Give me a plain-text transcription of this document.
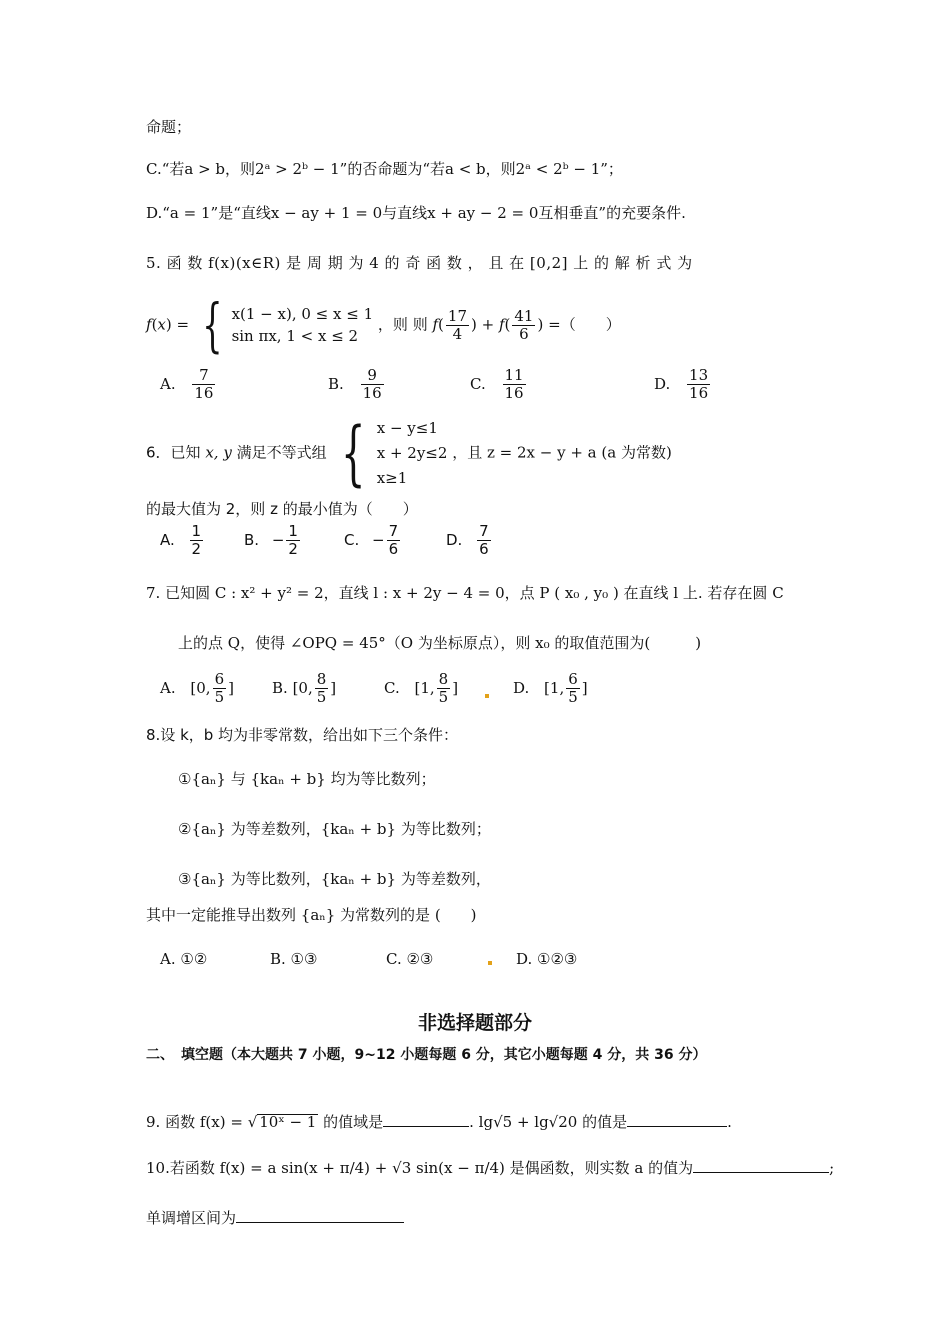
命题；
C.“若a > b，则2ᵃ > 2ᵇ − 1”的否命题为“若a < b，则2ᵃ < 2ᵇ − 1”；
D.“a = 1”是“直线x − ay + 1 = 0与直线x + ay − 2 = 0互相垂直”的充要条件.
5. 函 数 f(x)(x∈R) 是 周 期 为 4 的 奇 函 数 ， 且 在 [0,2] 上 的 解 析 式 为
f(x) = { x(1 − x), 0 ≤ x ≤ 1
sin πx, 1 < x ≤ 2
，则 则 $f( \frac{17}{4}$ ) + $f( \frac{41}{6}$ ) =（　　）
A. $\frac{7}{16}$	B. $\frac{9}{16}$	C. $\frac{11}{16}$	D. $\frac{13}{16}$
6．已知 x, y 满足不等式组 { x − y≤1
x + 2y≤2
x≥1
，且 z = 2x − y + a (a 为常数)
的最大值为 2，则 z 的最小值为（　　）
A. $\frac{1}{2}$	B. − $\frac{1}{2}$	C. − $\frac{7}{6}$	D. $\frac{7}{6}$
7. 已知圆 C : x² + y² = 2，直线 l : x + 2y − 4 = 0，点 P ( x₀ , y₀ ) 在直线 l 上. 若存在圆 C
上的点 Q，使得 ∠OPQ = 45°（O 为坐标原点），则 x₀ 的取值范围为(　　　)
A. [0, $\frac{6}{5}$ ]	B. [0, $\frac{8}{5}$ ]	C. [1, $\frac{8}{5}$ ]	D. [1, $\frac{6}{5}$ ]
8.设 k，b 均为非零常数，给出如下三个条件：
①{aₙ} 与 {kaₙ + b} 均为等比数列；
②{aₙ} 为等差数列，{kaₙ + b} 为等比数列；
③{aₙ} 为等比数列，{kaₙ + b} 为等差数列，
其中一定能推导出数列 {aₙ} 为常数列的是 (　　)
A. ①②	B. ①③	C. ②③	D. ①②③
非选择题部分
二、　填空题（本大题共 7 小题，9~12 小题每题 6 分，其它小题每题 4 分，共 36 分）
9. 函数 f(x) = √ 10ˣ − 1 的值域是	. lg√5 + lg√20 的值是	.
10.若函数 f(x) = a sin(x + π/4) + √3 sin(x − π/4) 是偶函数，则实数 a 的值为	;
单调增区间为
